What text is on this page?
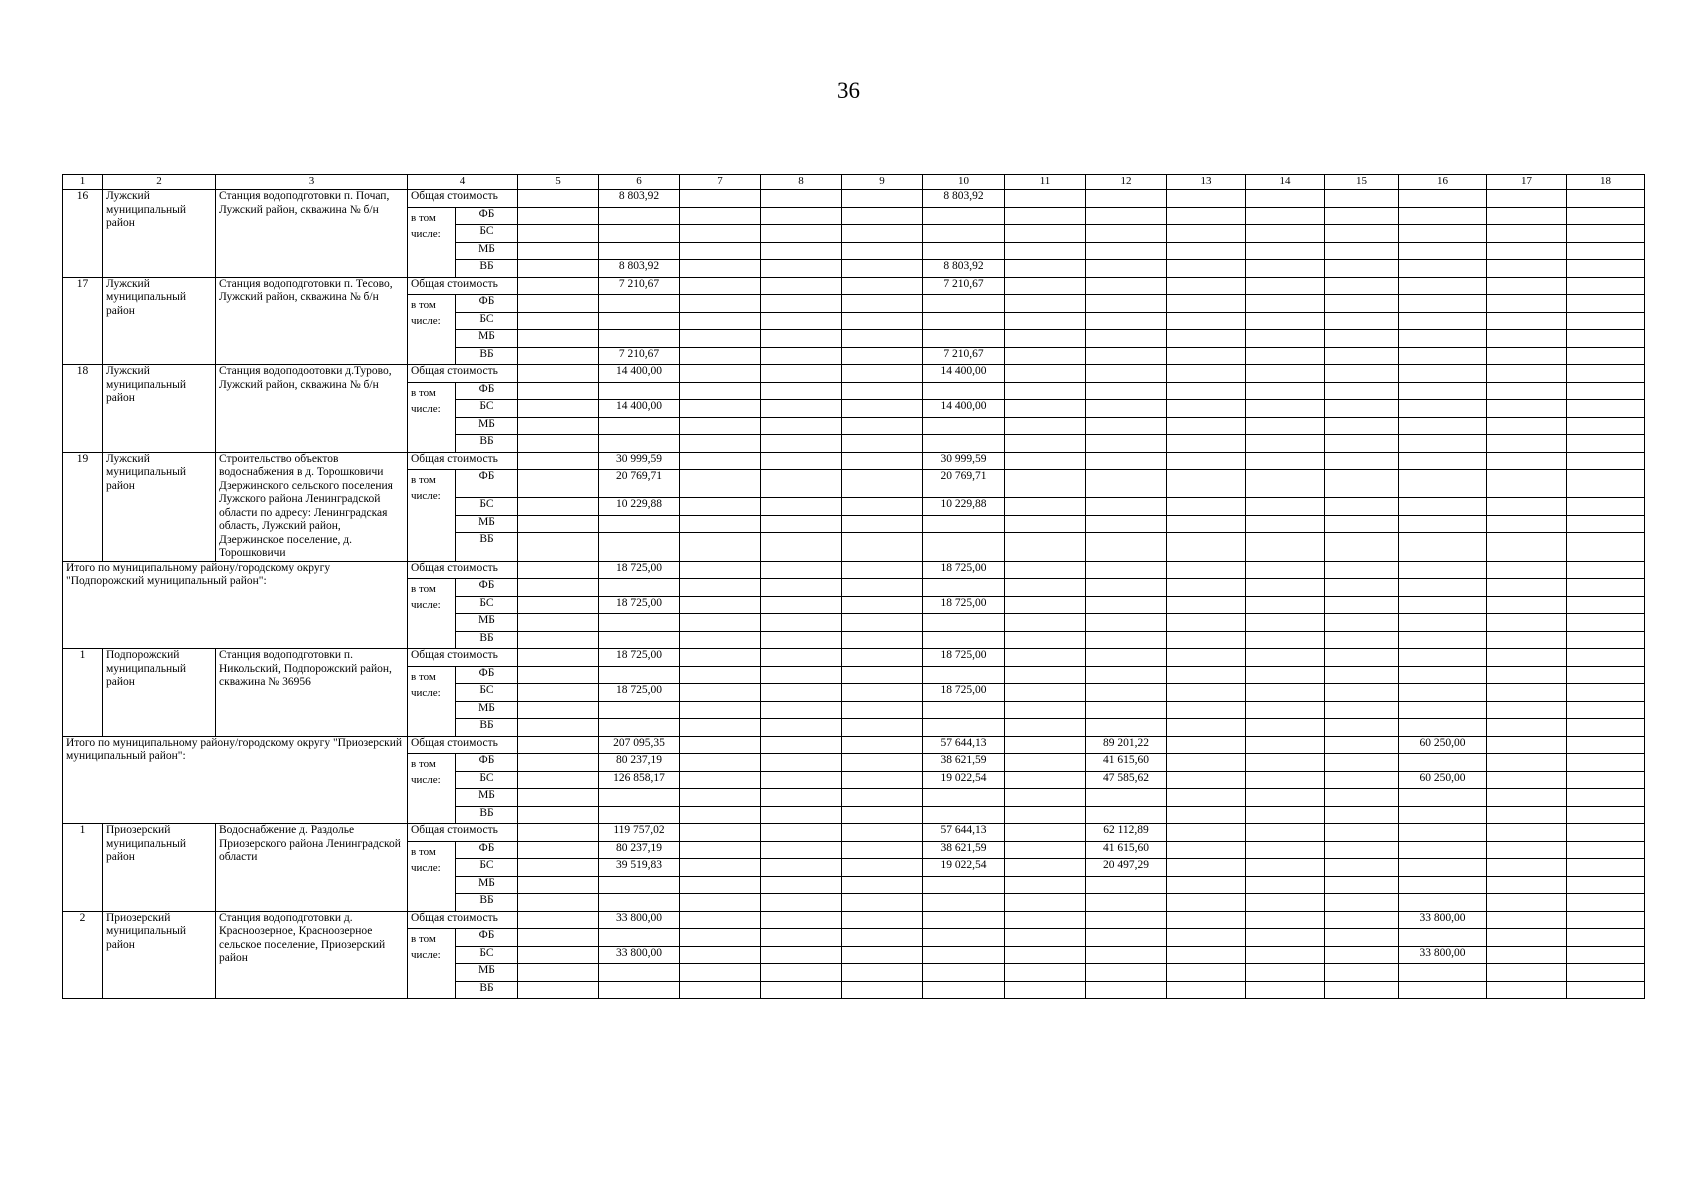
36
1	2	3	4		5	6	7	8	9	10	11	12	13	14	15	16	17	18
16	Лужский муниципальный район	Станция водоподготовки п. Почап, Лужский район, скважина № б/н	Общая стоимость			8 803,92				8 803,92								
			в том числе:	ФБ														
				БС														
				МБ														
				ВБ		8 803,92				8 803,92								
17	Лужский муниципальный район	Станция водоподготовки п. Тесово, Лужский район, скважина № б/н	Общая стоимость			7 210,67				7 210,67								
			в том числе:	ФБ														
				БС														
				МБ														
				ВБ		7 210,67				7 210,67								
18	Лужский муниципальный район	Станция водоподоотовки д.Турово, Лужский район, скважина № б/н	Общая стоимость			14 400,00				14 400,00								
			в том числе:	ФБ														
				БС		14 400,00				14 400,00								
				МБ														
				ВБ														
19	Лужский муниципальный район	Строительство объектов водоснабжения в д. Торошковичи Дзержинского сельского поселения Лужского района Ленинградской области по адресу: Ленинградская область, Лужский район, Дзержинское поселение, д. Торошковичи	Общая стоимость			30 999,59				30 999,59								
			в том числе:	ФБ		20 769,71				20 769,71								
				БС		10 229,88				10 229,88								
				МБ														
				ВБ														

Итого по муниципальному району/городскому округу "Подпорожский муниципальный район":			Общая стоимость			18 725,00				18 725,00								
			в том числе:	ФБ														
				БС		18 725,00				18 725,00								
				МБ														
				ВБ														
1	Подпорожский муниципальный район	Станция водоподготовки п. Никольский, Подпорожский район, скважина № 36956	Общая стоимость			18 725,00				18 725,00								
			в том числе:	ФБ														
				БС		18 725,00				18 725,00								
				МБ														
				ВБ														
Итого по муниципальному району/городскому округу "Приозерский муниципальный район":			Общая стоимость			207 095,35				57 644,13		89 201,22				60 250,00		
			в том числе:	ФБ		80 237,19				38 621,59		41 615,60						
				БС		126 858,17				19 022,54		47 585,62				60 250,00		
				МБ														
				ВБ														
1	Приозерский муниципальный район	Водоснабжение д. Раздолье Приозерского района Ленинградской области	Общая стоимость			119 757,02				57 644,13		62 112,89						
			в том числе:	ФБ		80 237,19				38 621,59		41 615,60						
				БС		39 519,83				19 022,54		20 497,29						
				МБ														
				ВБ														
2	Приозерский муниципальный район	Станция водоподготовки д. Красноозерное, Красноозерное сельское поселение, Приозерский район	Общая стоимость			33 800,00										33 800,00		
			в том числе:	ФБ														
				БС		33 800,00										33 800,00		
				МБ														
				ВБ														
